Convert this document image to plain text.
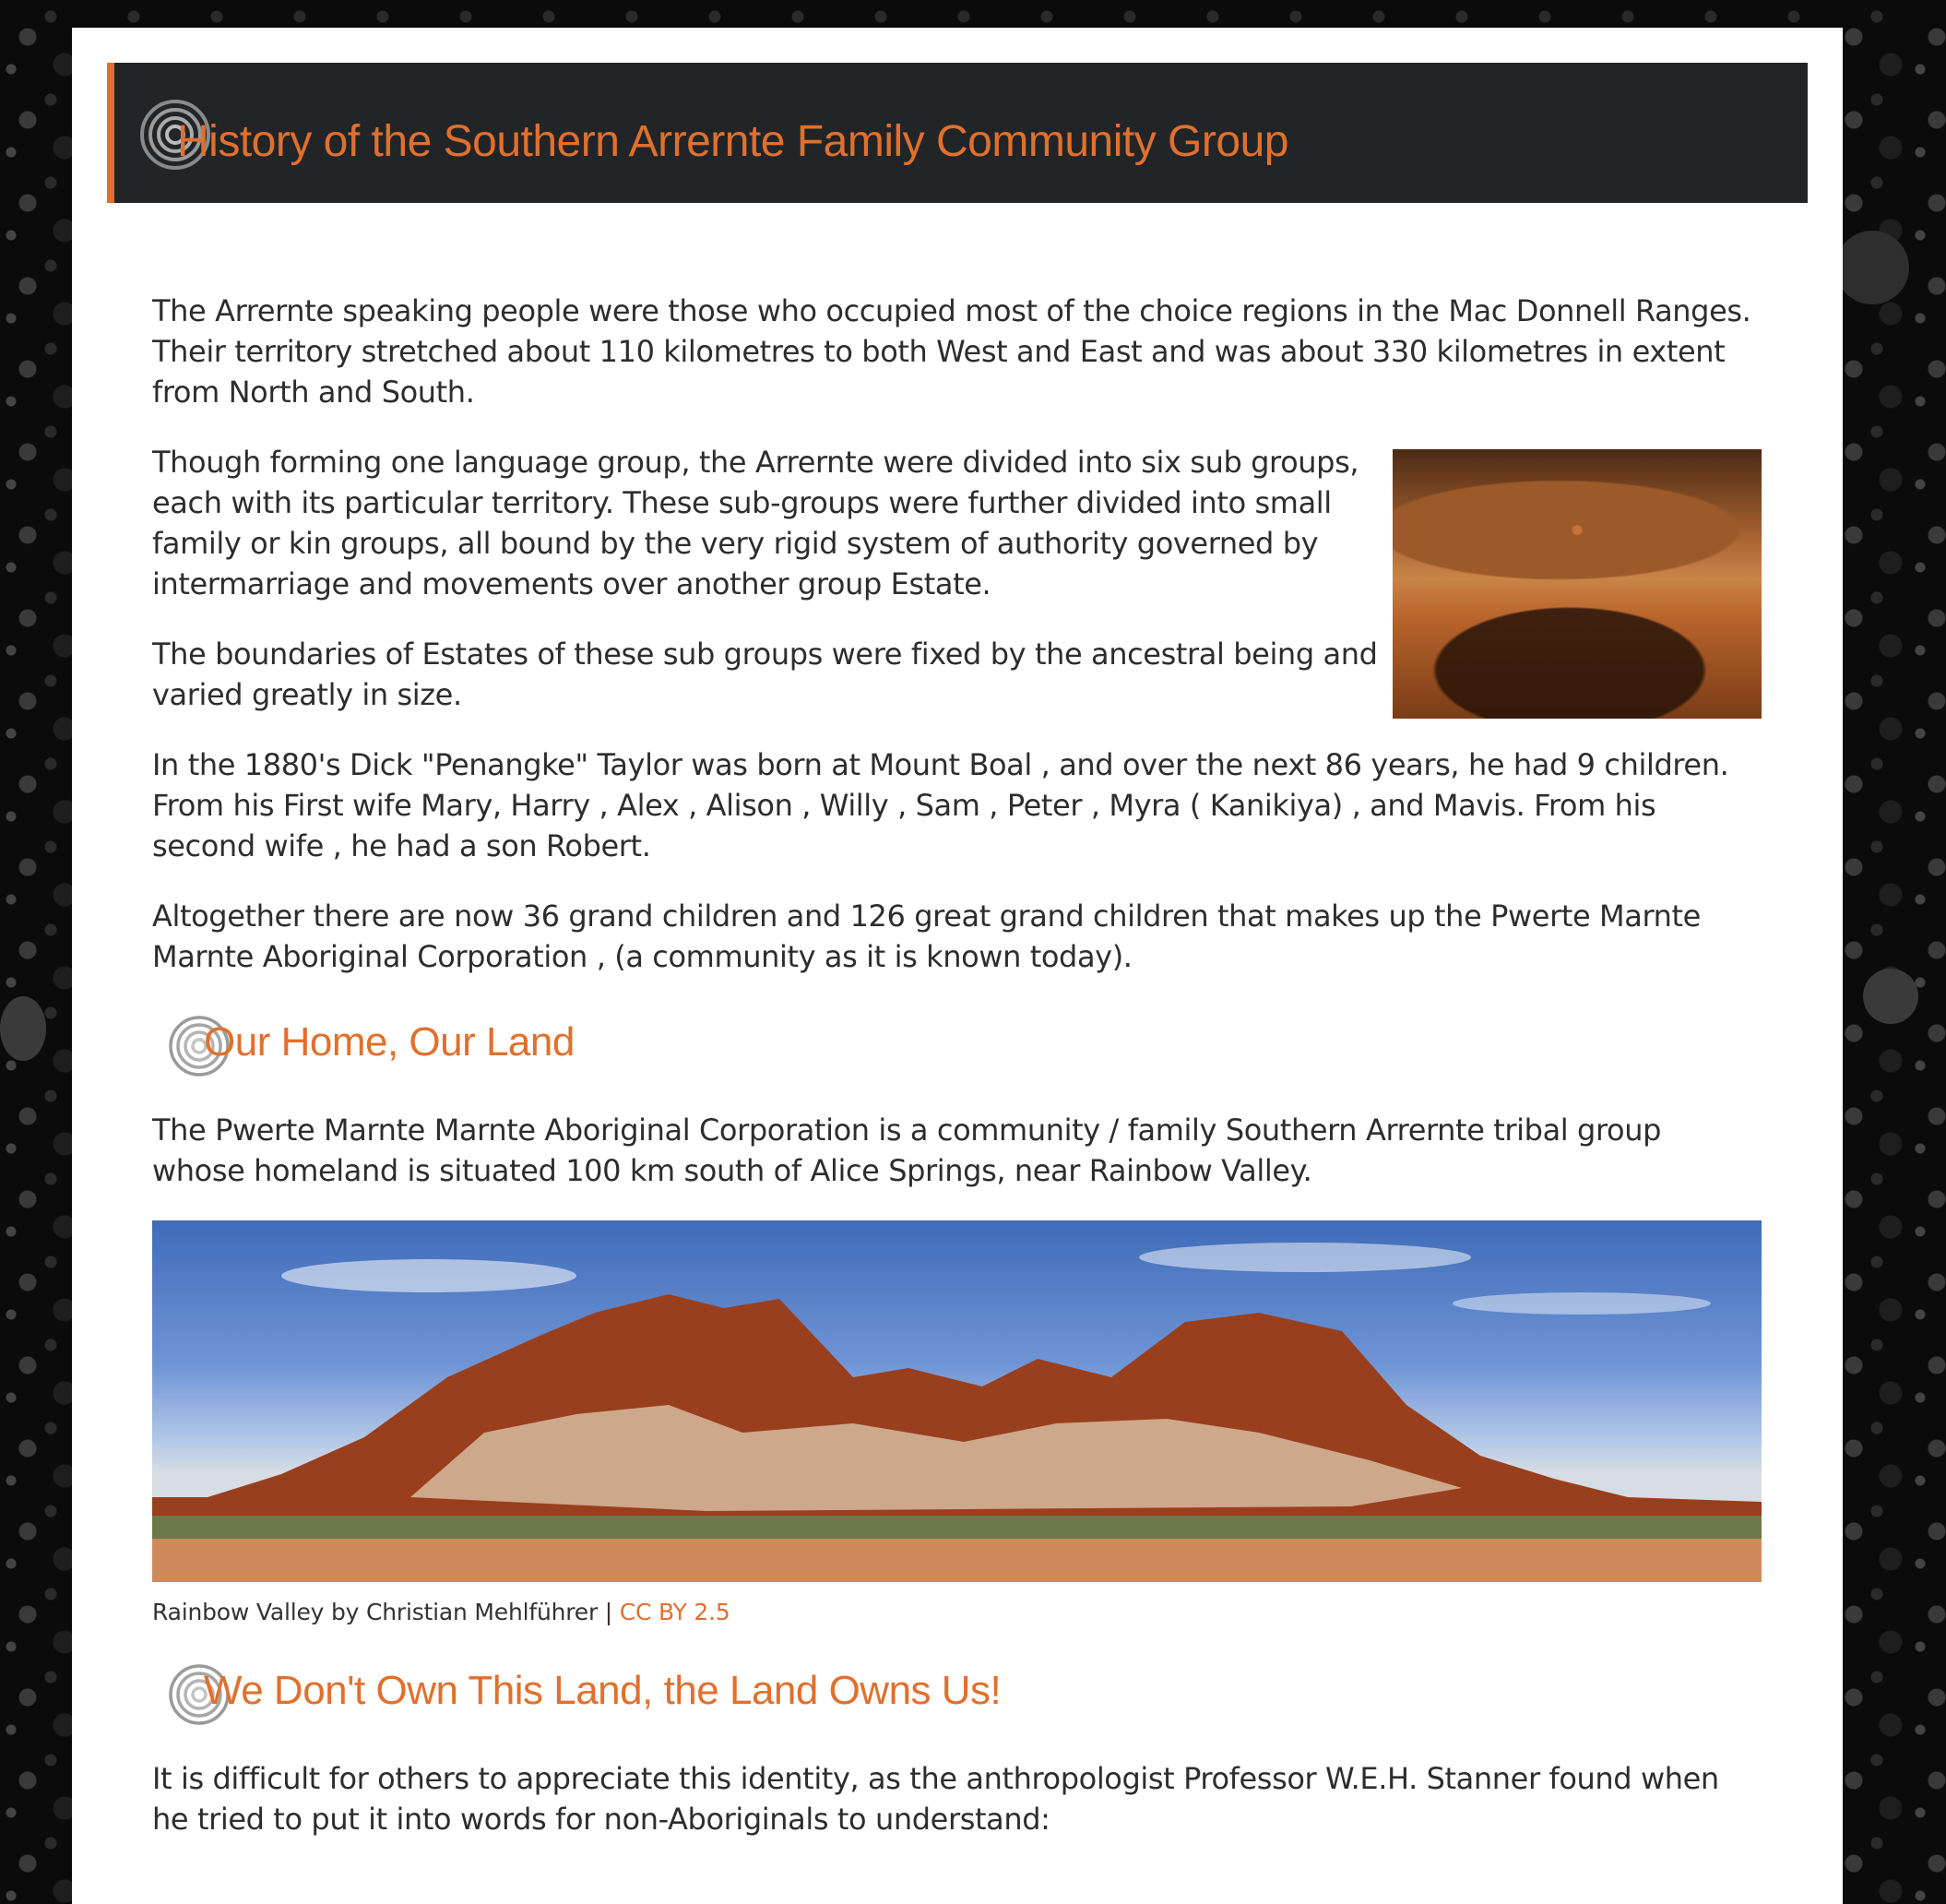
History of the Southern Arrernte Family Community Group

The Arrernte speaking people were those who occupied most of the choice regions in the Mac Donnell Ranges. Their territory stretched about 110 kilometres to both West and East and was about 330 kilometres in extent from North and South.

Though forming one language group, the Arrernte were divided into six sub groups, each with its particular territory. These sub-groups were further divided into small family or kin groups, all bound by the very rigid system of authority governed by intermarriage and movements over another group Estate.

The boundaries of Estates of these sub groups were fixed by the ancestral being and varied greatly in size.

In the 1880's Dick "Penangke" Taylor was born at Mount Boal , and over the next 86 years, he had 9 children. From his First wife Mary, Harry , Alex , Alison , Willy , Sam , Peter , Myra ( Kanikiya) , and Mavis. From his second wife , he had a son Robert.

Altogether there are now 36 grand children and 126 great grand children that makes up the Pwerte Marnte Marnte Aboriginal Corporation , (a community as it is known today).

Our Home, Our Land

The Pwerte Marnte Marnte Aboriginal Corporation is a community / family Southern Arrernte tribal group whose homeland is situated 100 km south of Alice Springs, near Rainbow Valley.

Rainbow Valley by Christian Mehlführer | CC BY 2.5
We Don't Own This Land, the Land Owns Us!

It is difficult for others to appreciate this identity, as the anthropologist Professor W.E.H. Stanner found when he tried to put it into words for non-Aboriginals to understand:
